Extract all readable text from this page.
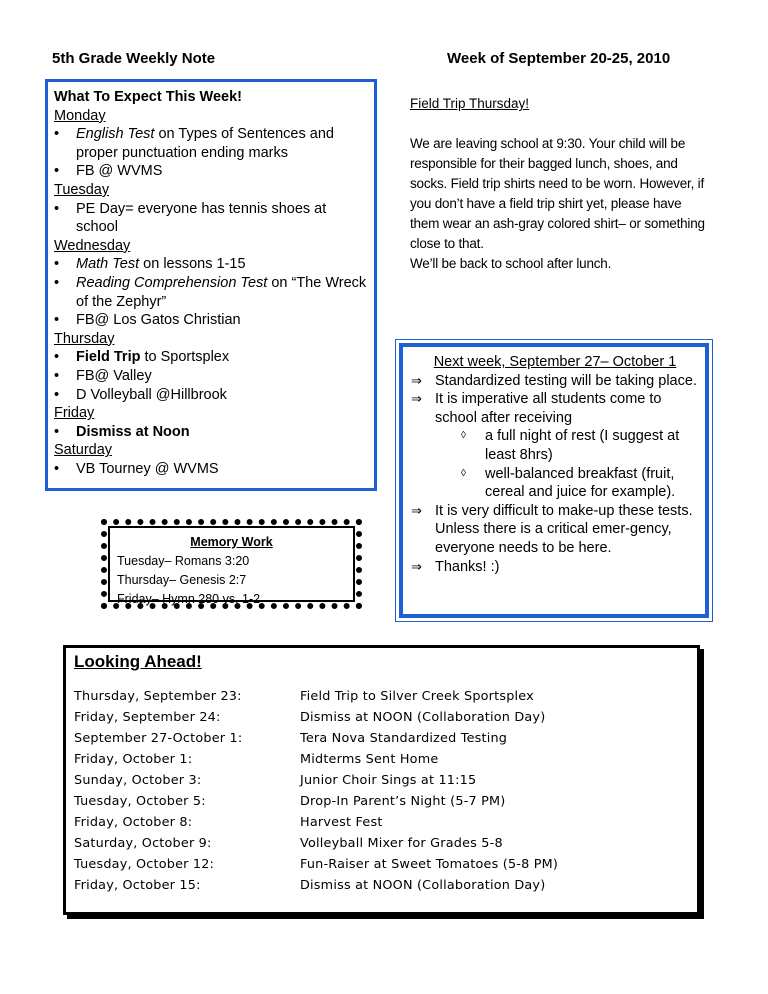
5th Grade Weekly Note	Week of September 20-25, 2010
What To Expect This Week!
Monday
• English Test on Types of Sentences and proper punctuation ending marks
• FB @ WVMS
Tuesday
• PE Day= everyone has tennis shoes at school
Wednesday
• Math Test on lessons 1-15
• Reading Comprehension Test on “The Wreck of the Zephyr”
• FB@ Los Gatos Christian
Thursday
• Field Trip to Sportsplex
• FB@ Valley
• D Volleyball @Hillbrook
Friday
• Dismiss at Noon
Saturday
• VB Tourney @ WVMS
Field Trip Thursday!
We are leaving school at 9:30. Your child will be responsible for their bagged lunch, shoes, and socks. Field trip shirts need to be worn. However, if you don’t have a field trip shirt yet, please have them wear an ash-gray colored shirt– or something close to that.
We’ll be back to school after lunch.
Next week, September 27– October 1
⇒ Standardized testing will be taking place.
⇒ It is imperative all students come to school after receiving
◊ a full night of rest (I suggest at least 8hrs)
◊ well-balanced breakfast (fruit, cereal and juice for example).
⇒ It is very difficult to make-up these tests. Unless there is a critical emer-gency, everyone needs to be here.
⇒ Thanks! :)
Memory Work
Tuesday– Romans 3:20
Thursday– Genesis 2:7
Friday– Hymn 280 vs. 1-2
Looking Ahead!
Thursday, September 23:	Field Trip to Silver Creek Sportsplex
Friday, September 24:	Dismiss at NOON (Collaboration Day)
September 27-October 1:	Tera Nova Standardized Testing
Friday, October 1:	Midterms Sent Home
Sunday, October 3:	Junior Choir Sings at 11:15
Tuesday, October 5:	Drop-In Parent’s Night (5-7 PM)
Friday, October 8:	Harvest Fest
Saturday, October 9:	Volleyball Mixer for Grades 5-8
Tuesday, October 12:	Fun-Raiser at Sweet Tomatoes (5-8 PM)
Friday, October 15:	Dismiss at NOON (Collaboration Day)
